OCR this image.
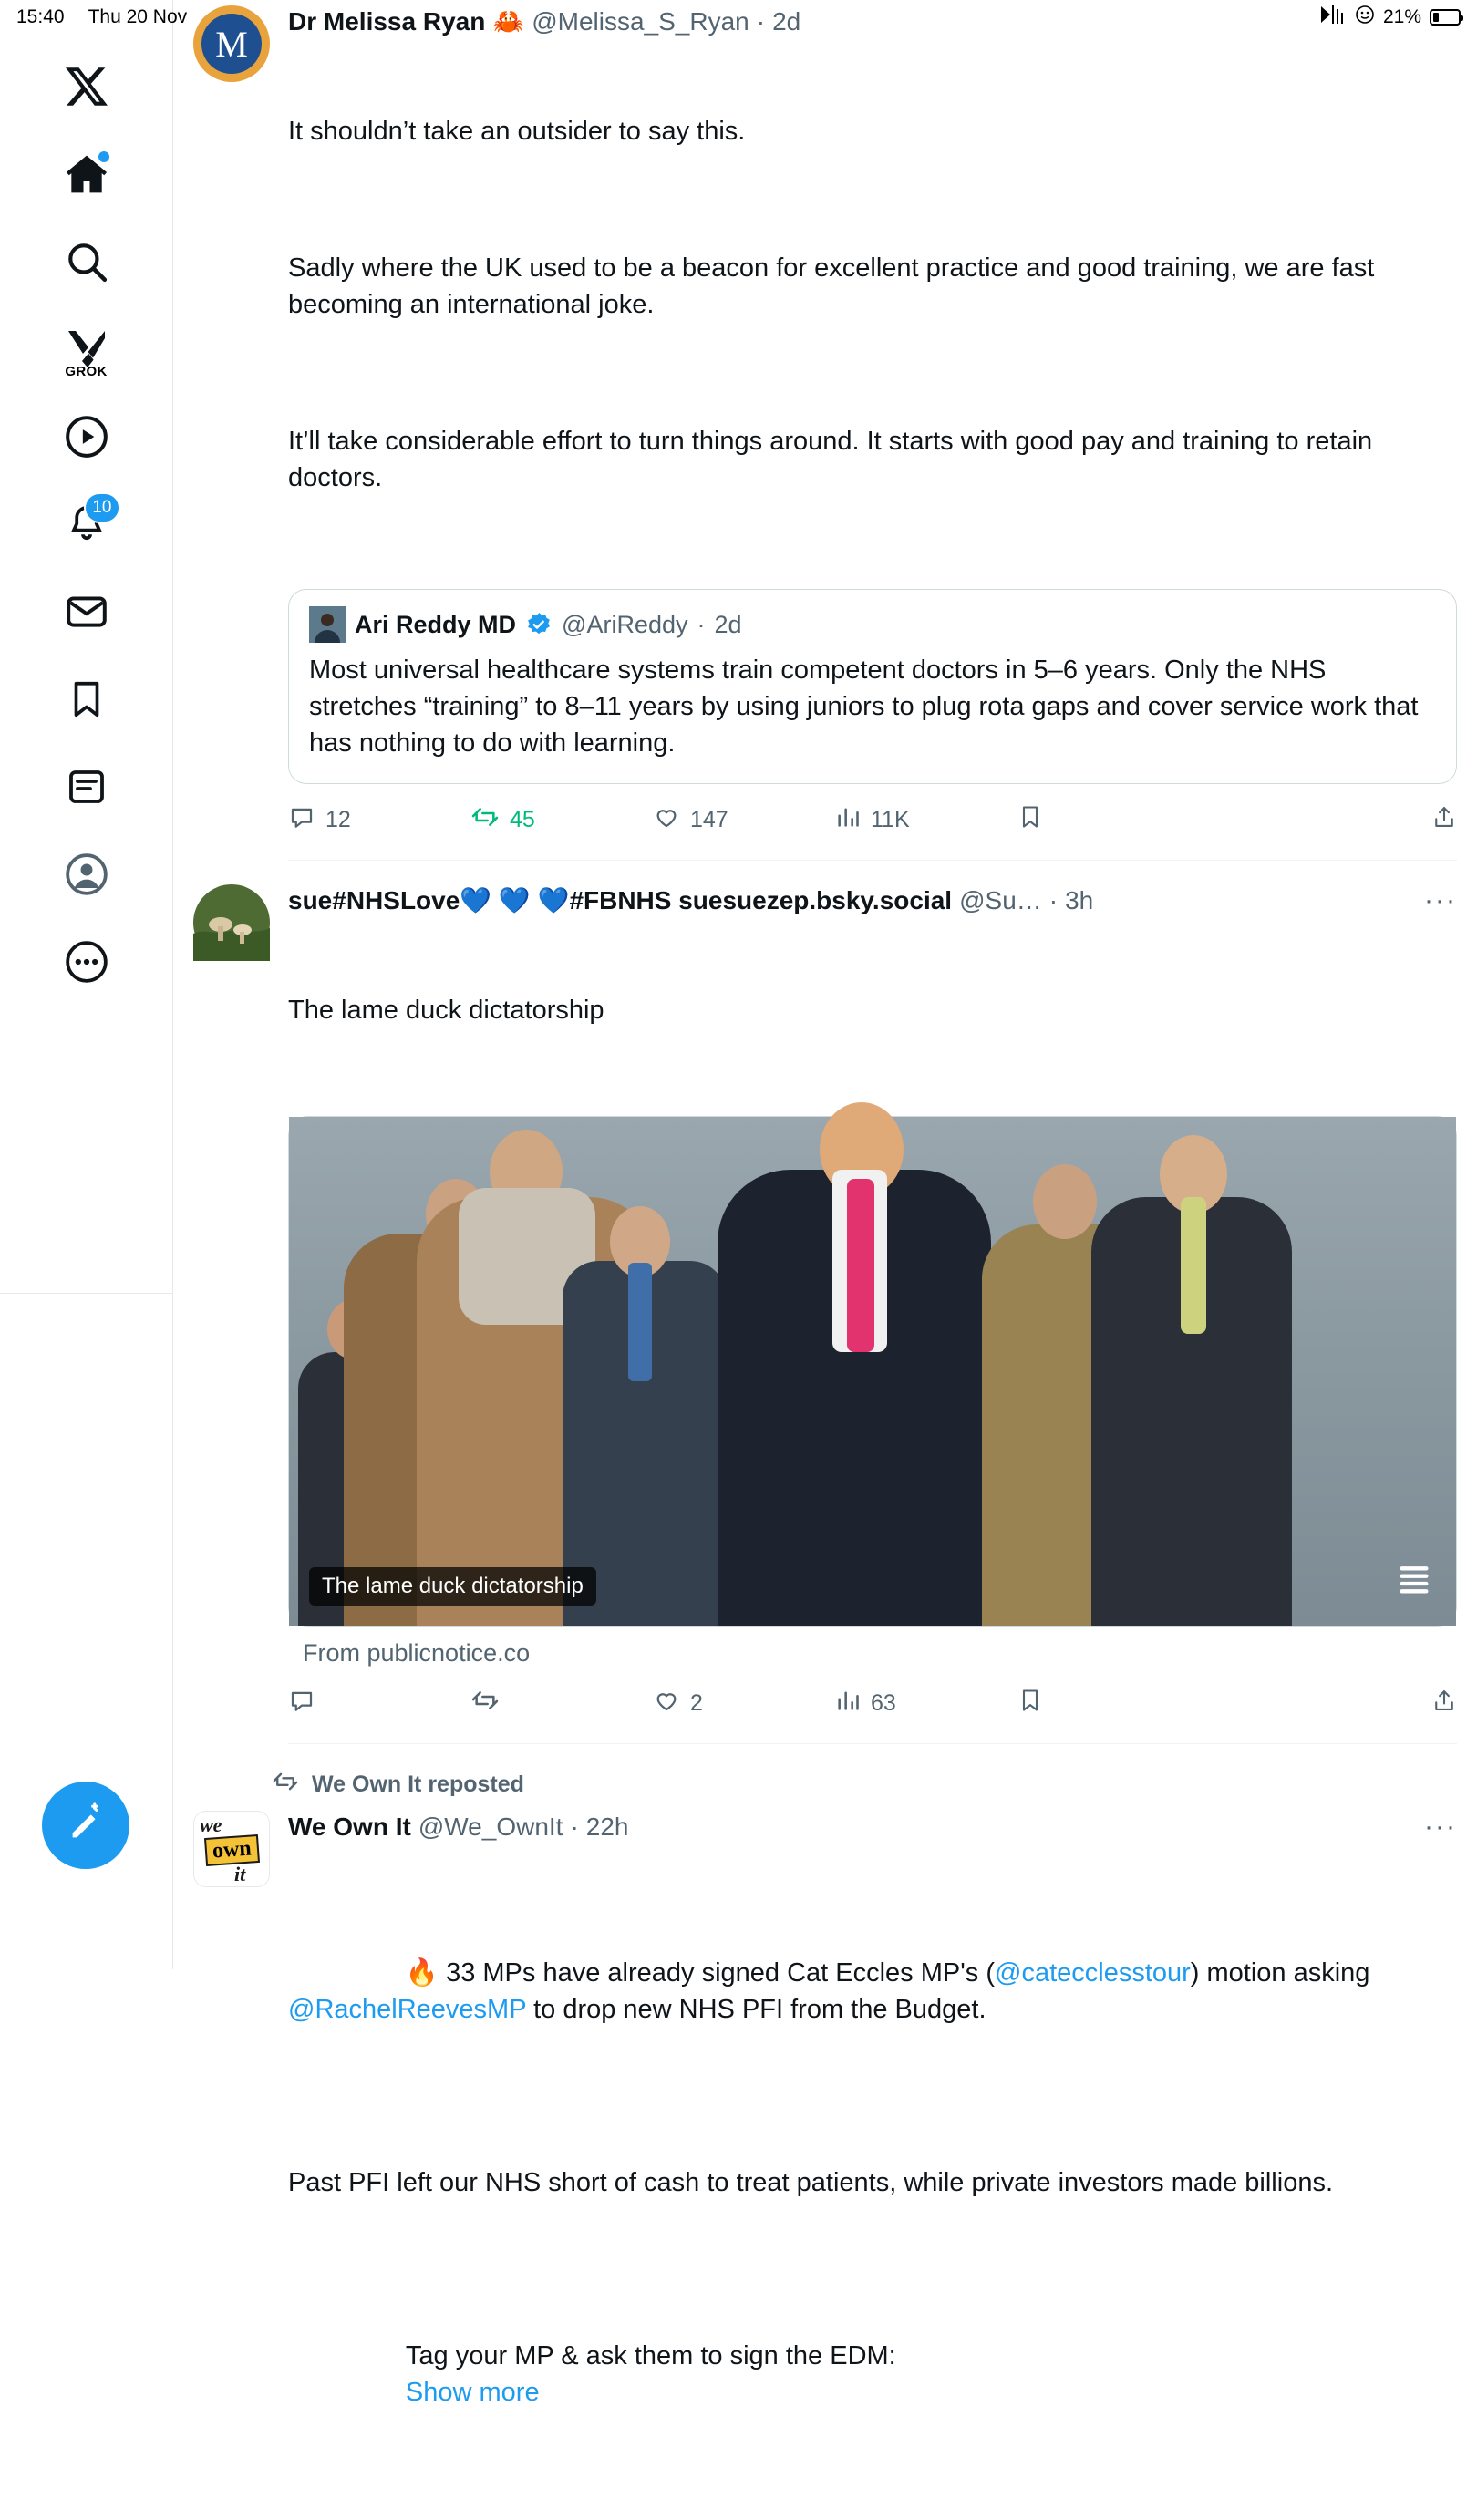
15:40 Thu 20 Nov	21%
GROK
10
M
Dr Melissa Ryan 🦀 @Melissa_S_Ryan · 2d

It shouldn’t take an outsider to say this.

Sadly where the UK used to be a beacon for excellent practice and good training, we are fast becoming an international joke.

It’ll take considerable effort to turn things around. It starts with good pay and training to retain doctors.

Ari Reddy MD @AriReddy · 2d
Most universal healthcare systems train competent doctors in 5–6 years. Only the NHS stretches “training” to 8–11 years by using juniors to plug rota gaps and cover service work that has nothing to do with learning.
12	45	147	11K
sue#NHSLove💙 💙 💙#FBNHS suesuezep.bsky.social @Su… · 3h	···

The lame duck dictatorship

The lame duck dictatorship
From publicnotice.co
2	63
We Own It reposted
we
own
it
We Own It @We_OwnIt · 22h	···

🔥 33 MPs have already signed Cat Eccles MP's (@catecclesstour) motion asking @RachelReevesMP to drop new NHS PFI from the Budget.

Past PFI left our NHS short of cash to treat patients, while private investors made billions.

Tag your MP & ask them to sign the EDM:
Show more
